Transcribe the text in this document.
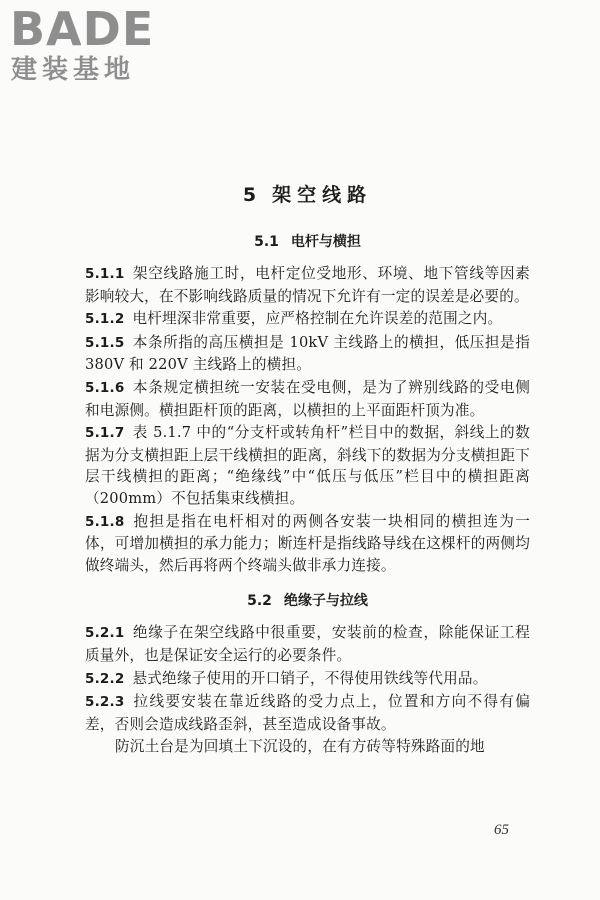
BADE
建装基地
5 架空线路
5.1 电杆与横担

5.1.1 架空线路施工时，电杆定位受地形、环境、地下管线等因素影响较大，在不影响线路质量的情况下允许有一定的误差是必要的。

5.1.2 电杆埋深非常重要，应严格控制在允许误差的范围之内。

5.1.5 本条所指的高压横担是 10kV 主线路上的横担，低压担是指 380V 和 220V 主线路上的横担。

5.1.6 本条规定横担统一安装在受电侧，是为了辨别线路的受电侧和电源侧。横担距杆顶的距离，以横担的上平面距杆顶为准。

5.1.7 表 5.1.7 中的“分支杆或转角杆”栏目中的数据，斜线上的数据为分支横担距上层干线横担的距离，斜线下的数据为分支横担距下层干线横担的距离；“绝缘线”中“低压与低压”栏目中的横担距离（200mm）不包括集束线横担。

5.1.8 抱担是指在电杆相对的两侧各安装一块相同的横担连为一体，可增加横担的承力能力；断连杆是指线路导线在这棵杆的两侧均做终端头，然后再将两个终端头做非承力连接。

5.2 绝缘子与拉线

5.2.1 绝缘子在架空线路中很重要，安装前的检查，除能保证工程质量外，也是保证安全运行的必要条件。

5.2.2 悬式绝缘子使用的开口销子，不得使用铁线等代用品。

5.2.3 拉线要安装在靠近线路的受力点上，位置和方向不得有偏差，否则会造成线路歪斜，甚至造成设备事故。

防沉土台是为回填土下沉设的，在有方砖等特殊路面的地

65
